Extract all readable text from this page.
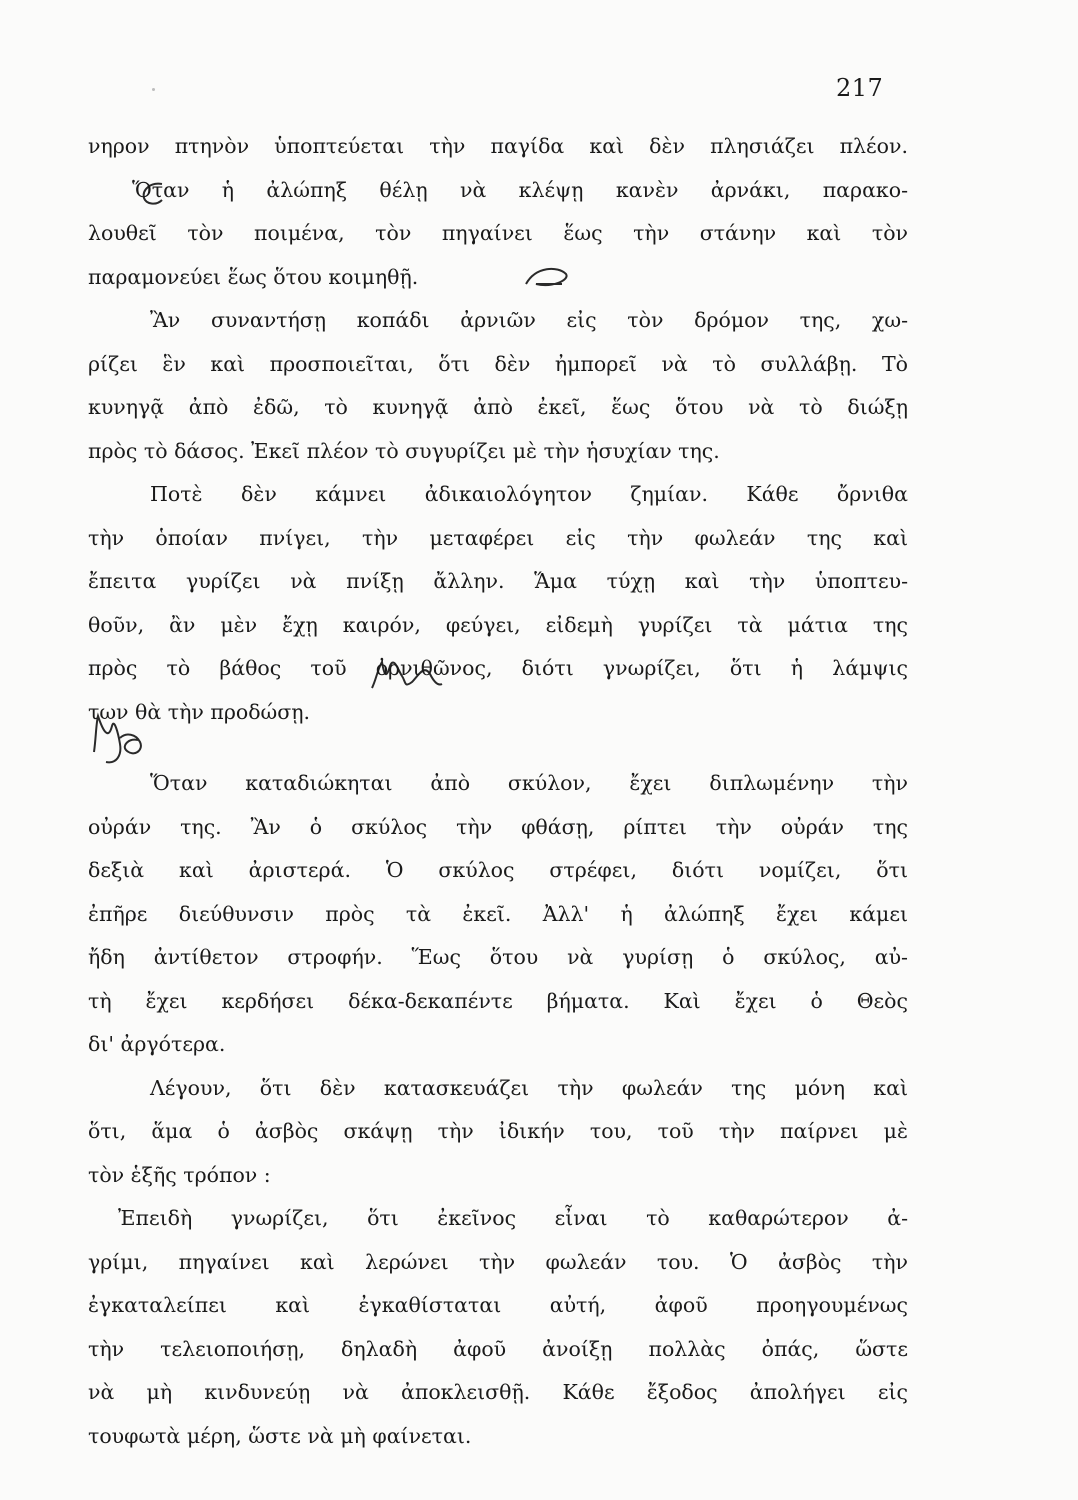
217
νηρον πτηνὸν ὑποπτεύεται τὴν παγίδα καὶ δὲν πλησιάζει πλέον.
Ὅταν ἡ ἀλώπηξ θέλῃ νὰ κλέψῃ κανὲν ἀρνάκι, παρακο-
λουθεῖ τὸν ποιμένα, τὸν πηγαίνει ἕως τὴν στάνην καὶ τὸν
παραμονεύει ἕως ὅτου κοιμηθῇ.
Ἂν συναντήσῃ κοπάδι ἀρνιῶν εἰς τὸν δρόμον της, χω-
ρίζει ἓν καὶ προσποιεῖται, ὅτι δὲν ἠμπορεῖ νὰ τὸ συλλάβῃ. Τὸ
κυνηγᾷ ἀπὸ ἐδῶ, τὸ κυνηγᾷ ἀπὸ ἐκεῖ, ἕως ὅτου νὰ τὸ διώξῃ
πρὸς τὸ δάσος. Ἐκεῖ πλέον τὸ συγυρίζει μὲ τὴν ἡσυχίαν της.
Ποτὲ δὲν κάμνει ἀδικαιολόγητον ζημίαν. Κάθε ὄρνιθα
τὴν ὁποίαν πνίγει, τὴν μεταφέρει εἰς τὴν φωλεάν της καὶ
ἔπειτα γυρίζει νὰ πνίξῃ ἄλλην. Ἅμα τύχῃ καὶ τὴν ὑποπτευ-
θοῦν, ἂν μὲν ἔχῃ καιρόν, φεύγει, εἰδεμὴ γυρίζει τὰ μάτια της
πρὸς τὸ βάθος τοῦ ὀρνιθῶνος, διότι γνωρίζει, ὅτι ἡ λάμψις
των θὰ τὴν προδώσῃ.
Ὅταν καταδιώκηται ἀπὸ σκύλον, ἔχει διπλωμένην τὴν
οὐράν της. Ἂν ὁ σκύλος τὴν φθάσῃ, ρίπτει τὴν οὐράν της
δεξιὰ καὶ ἀριστερά. Ὁ σκύλος στρέφει, διότι νομίζει, ὅτι
ἐπῆρε διεύθυνσιν πρὸς τὰ ἐκεῖ. Ἀλλ' ἡ ἀλώπηξ ἔχει κάμει
ἤδη ἀντίθετον στροφήν. Ἕως ὅτου νὰ γυρίσῃ ὁ σκύλος, αὐ-
τὴ ἔχει κερδήσει δέκα-δεκαπέντε βήματα. Καὶ ἔχει ὁ Θεὸς
δι' ἀργότερα.
Λέγουν, ὅτι δὲν κατασκευάζει τὴν φωλεάν της μόνη καὶ
ὅτι, ἅμα ὁ ἀσβὸς σκάψῃ τὴν ἰδικήν του, τοῦ τὴν παίρνει μὲ
τὸν ἑξῆς τρόπον :
Ἐπειδὴ γνωρίζει, ὅτι ἐκεῖνος εἶναι τὸ καθαρώτερον ἀ-
γρίμι, πηγαίνει καὶ λερώνει τὴν φωλεάν του. Ὁ ἀσβὸς τὴν
ἐγκαταλείπει καὶ ἐγκαθίσταται αὐτή, ἀφοῦ προηγουμένως
τὴν τελειοποιήσῃ, δηλαδὴ ἀφοῦ ἀνοίξῃ πολλὰς ὀπάς, ὥστε
νὰ μὴ κινδυνεύῃ νὰ ἀποκλεισθῇ. Κάθε ἔξοδος ἀπολήγει εἰς
τουφωτὰ μέρη, ὥστε νὰ μὴ φαίνεται.
